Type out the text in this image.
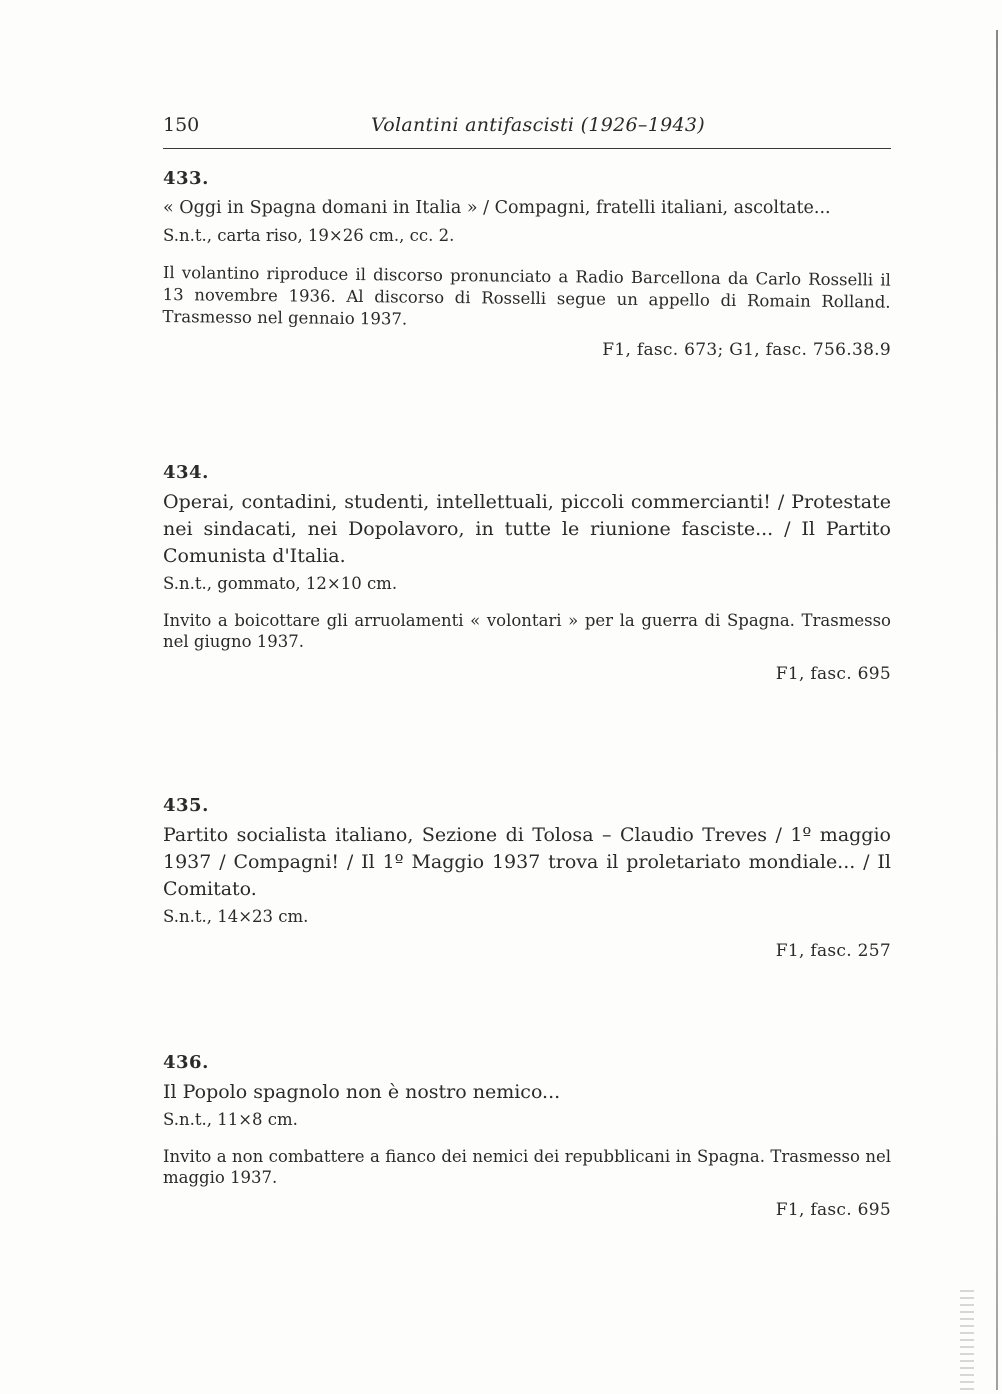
150	Volantini antifascisti (1926–1943)
433.

« Oggi in Spagna domani in Italia » / Compagni, fratelli italiani, ascoltate...

S.n.t., carta riso, 19×26 cm., cc. 2.

Il volantino riproduce il discorso pronunciato a Radio Barcellona da Carlo Rosselli il 13 novembre 1936. Al discorso di Rosselli segue un appello di Romain Rolland. Trasmesso nel gennaio 1937.

F1, fasc. 673; G1, fasc. 756.38.9

434.

Operai, contadini, studenti, intellettuali, piccoli commercianti! / Protestate nei sindacati, nei Dopolavoro, in tutte le riunione fasciste... / Il Partito Comunista d'Italia.

S.n.t., gommato, 12×10 cm.

Invito a boicottare gli arruolamenti « volontari » per la guerra di Spagna. Trasmesso nel giugno 1937.

F1, fasc. 695

435.

Partito socialista italiano, Sezione di Tolosa – Claudio Treves / 1º maggio 1937 / Compagni! / Il 1º Maggio 1937 trova il proletariato mondiale... / Il Comitato.

S.n.t., 14×23 cm.

F1, fasc. 257

436.

Il Popolo spagnolo non è nostro nemico...

S.n.t., 11×8 cm.

Invito a non combattere a fianco dei nemici dei repubblicani in Spagna. Trasmesso nel maggio 1937.

F1, fasc. 695
